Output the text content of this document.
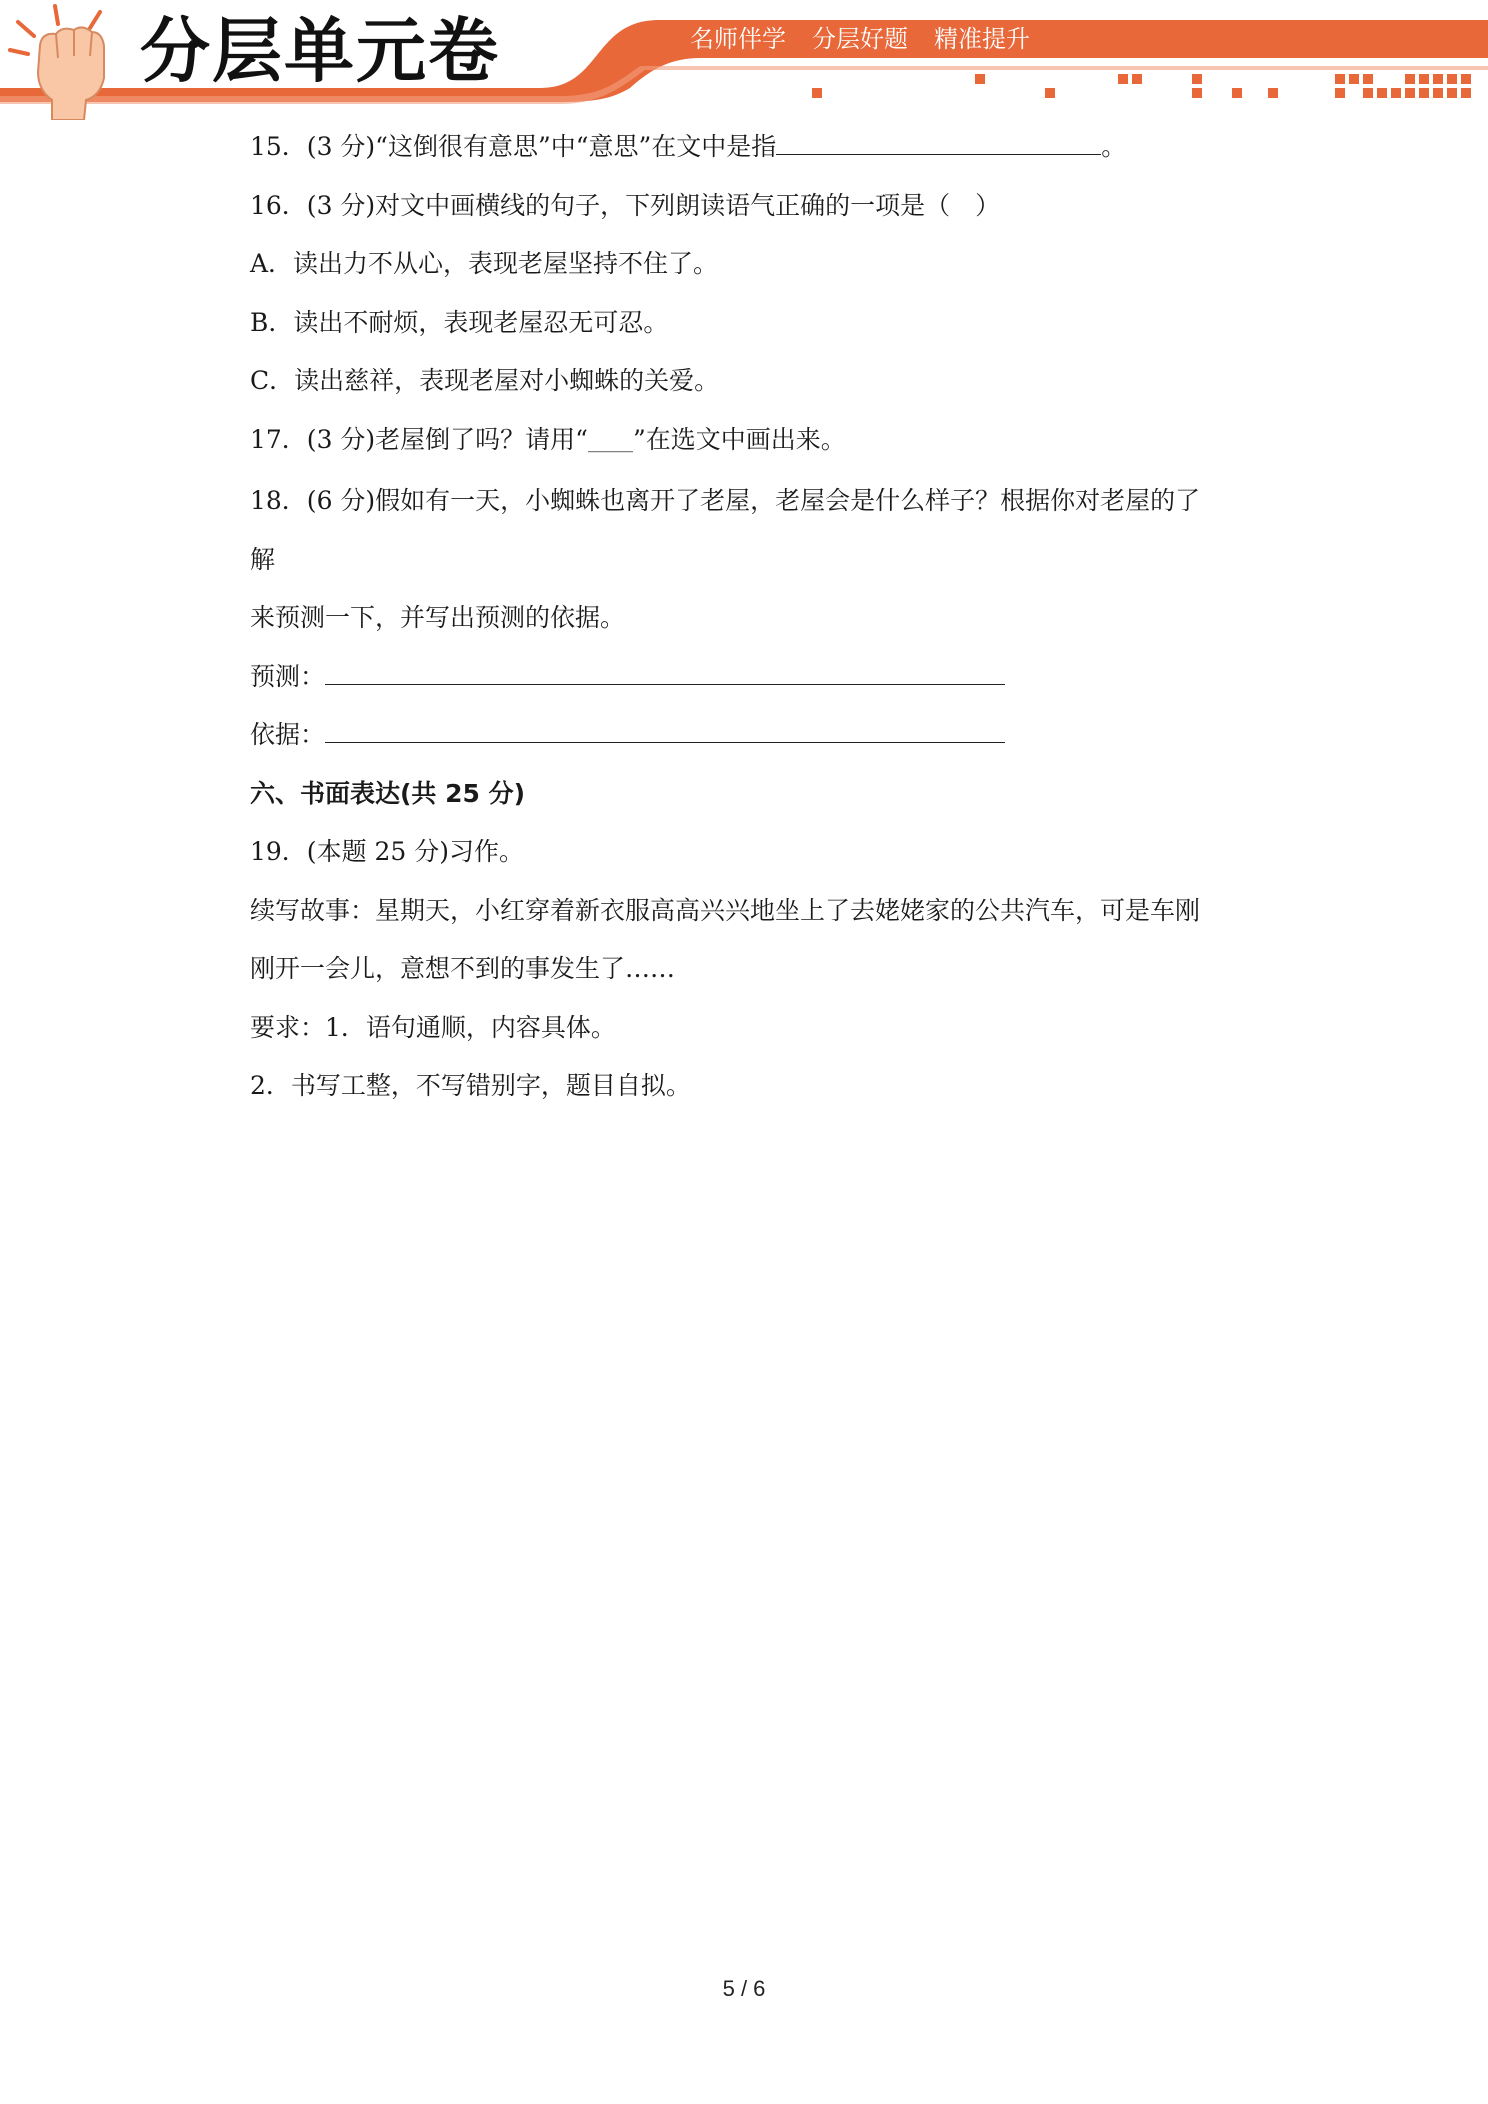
分层单元卷	名师伴学 分层好题 精准提升
15．(3 分)“这倒很有意思”中“意思”在文中是指	。
16．(3 分)对文中画横线的句子，下列朗读语气正确的一项是（　）
A．读出力不从心，表现老屋坚持不住了。
B．读出不耐烦，表现老屋忍无可忍。
C．读出慈祥，表现老屋对小蜘蛛的关爱。
17．(3 分)老屋倒了吗？请用“_____”在选文中画出来。
18．(6 分)假如有一天，小蜘蛛也离开了老屋，老屋会是什么样子？根据你对老屋的了
解
来预测一下，并写出预测的依据。
预测：
依据：
六、书面表达(共 25 分)
19．(本题 25 分)习作。
续写故事：星期天，小红穿着新衣服高高兴兴地坐上了去姥姥家的公共汽车，可是车刚
刚开一会儿，意想不到的事发生了……
要求：1．语句通顺，内容具体。
2．书写工整，不写错别字，题目自拟。
5 / 6
